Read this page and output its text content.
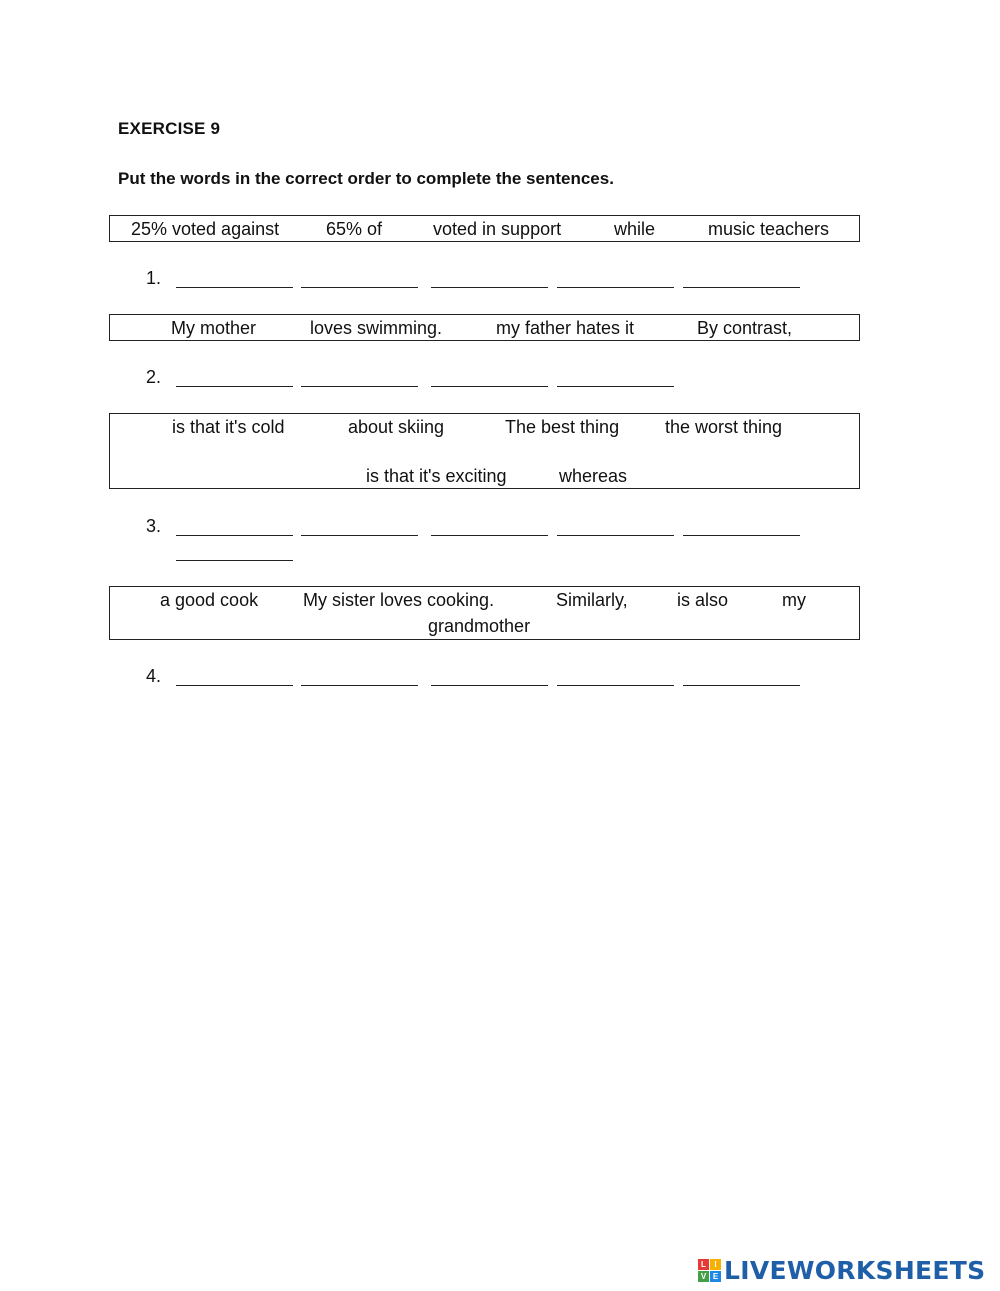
EXERCISE 9
Put the words in the correct order to complete the sentences.
25% voted against	65% of	voted in support	while	music teachers
1.
My mother	loves swimming.	my father hates it	By contrast,
2.
is that it's cold	about skiing	The best thing	the worst thing
is that it's exciting	whereas
3.
a good cook My sister loves cooking.	Similarly,	is also	my
grandmother
4.
L	I
V E LIVEWORKSHEETS
